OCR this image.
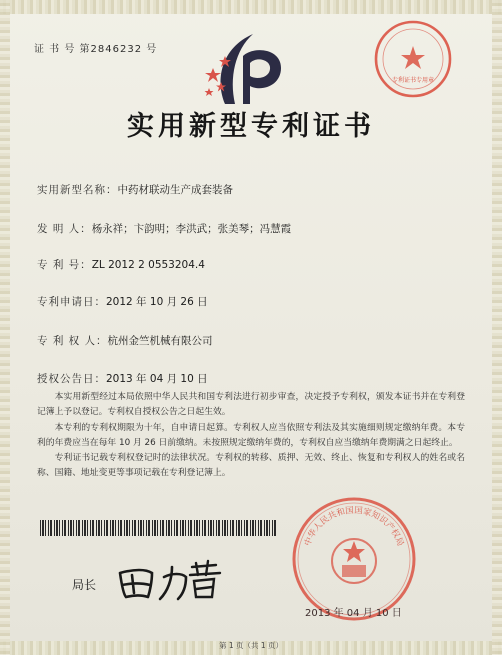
证 书 号 第2846232 号
专利证书专用章
实用新型专利证书
实用新型名称：中药材联动生产成套装备
发 明 人：杨永祥；卞韵明；李洪武；张美琴；冯慧霞
专 利 号：ZL 2012 2 0553204.4
专利申请日：2012 年 10 月 26 日
专 利 权 人：杭州金竺机械有限公司
授权公告日：2013 年 04 月 10 日

本实用新型经过本局依照中华人民共和国专利法进行初步审查，决定授予专利权，颁发本证书并在专利登记簿上予以登记。专利权自授权公告之日起生效。

本专利的专利权期限为十年，自申请日起算。专利权人应当依照专利法及其实施细则规定缴纳年费。本专利的年费应当在每年 10 月 26 日前缴纳。未按照规定缴纳年费的，专利权自应当缴纳年费期满之日起终止。

专利证书记载专利权登记时的法律状况。专利权的转移、质押、无效、终止、恢复和专利权人的姓名或名称、国籍、地址变更等事项记载在专利登记簿上。

局长
中华人民共和国国家知识产权局
2013 年 04 月 10 日
第 1 页（共 1 页）
